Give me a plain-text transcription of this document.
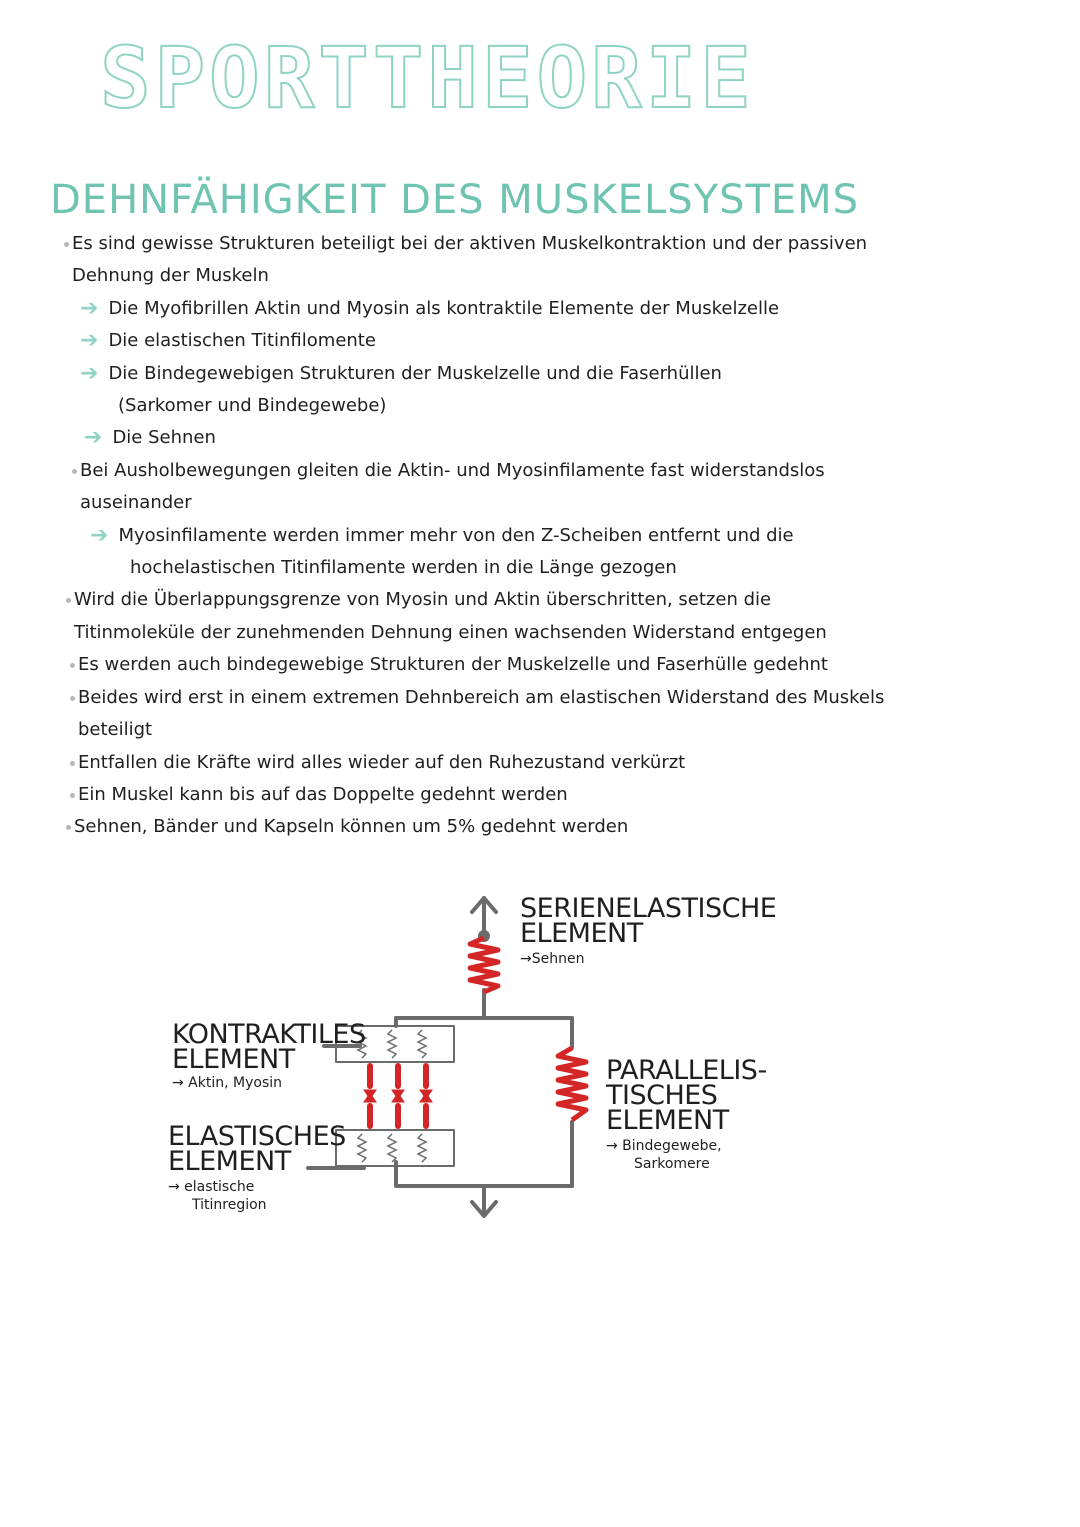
SPORTTHEORIE
DEHNFÄHIGKEIT DES MUSKELSYSTEMS
Es sind gewisse Strukturen beteiligt bei der aktiven Muskelkontraktion und der passiven
Dehnung der Muskeln
➔ Die Myofibrillen Aktin und Myosin als kontraktile Elemente der Muskelzelle
➔ Die elastischen Titinfilomente
➔ Die Bindegewebigen Strukturen der Muskelzelle und die Faserhüllen
(Sarkomer und Bindegewebe)
➔ Die Sehnen
Bei Ausholbewegungen gleiten die Aktin- und Myosinfilamente fast widerstandslos
auseinander
➔ Myosinfilamente werden immer mehr von den Z-Scheiben entfernt und die
hochelastischen Titinfilamente werden in die Länge gezogen
Wird die Überlappungsgrenze von Myosin und Aktin überschritten, setzen die
Titinmoleküle der zunehmenden Dehnung einen wachsenden Widerstand entgegen
Es werden auch bindegewebige Strukturen der Muskelzelle und Faserhülle gedehnt
Beides wird erst in einem extremen Dehnbereich am elastischen Widerstand des Muskels
beteiligt
Entfallen die Kräfte wird alles wieder auf den Ruhezustand verkürzt
Ein Muskel kann bis auf das Doppelte gedehnt werden
Sehnen, Bänder und Kapseln können um 5% gedehnt werden
SERIENELASTISCHE
ELEMENT
→Sehnen
KONTRAKTILES
ELEMENT
→ Aktin, Myosin
ELASTISCHES
ELEMENT
→ elastische
Titinregion
PARALLELIS-
TISCHES
ELEMENT
→ Bindegewebe,
Sarkomere
